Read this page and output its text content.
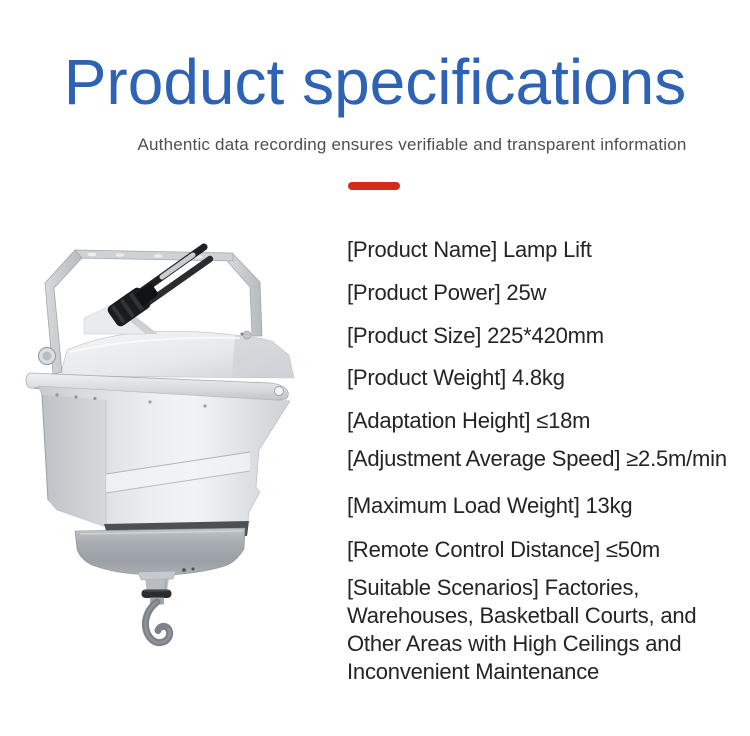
Product specifications
Authentic data recording ensures verifiable and transparent information
[Product Name] Lamp Lift
[Product Power] 25w
[Product Size] 225*420mm
[Product Weight] 4.8kg
[Adaptation Height] ≤18m
[Adjustment Average Speed] ≥2.5m/min
[Maximum Load Weight] 13kg
[Remote Control Distance] ≤50m
[Suitable Scenarios] Factories,
Warehouses, Basketball Courts, and
Other Areas with High Ceilings and
Inconvenient Maintenance
